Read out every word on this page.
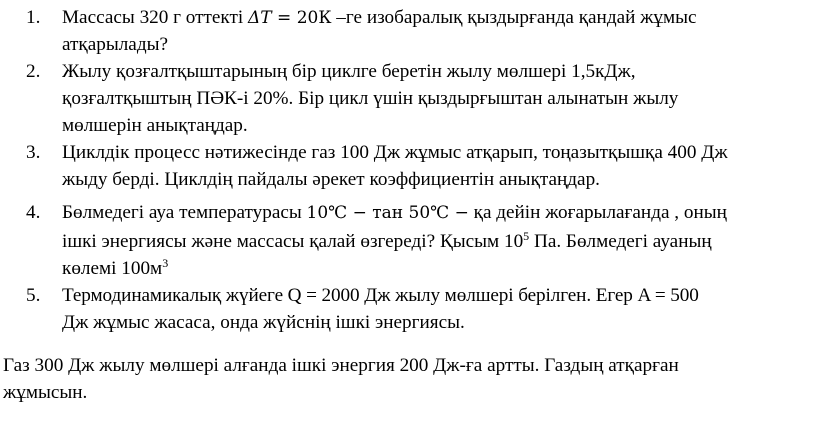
1. Массасы 320 г оттекті ΔT = 20К –ге изобаралық қыздырғанда қандай жұмыс
атқарылады?
2. Жылу қозғалтқыштарының бір циклге беретін жылу мөлшері 1,5кДж,
қозғалтқыштың ПӘК-і 20%. Бір цикл үшін қыздырғыштан алынатын жылу
мөлшерін анықтаңдар.
3. Циклдік процесс нәтижесінде газ 100 Дж жұмыс атқарып, тоңазытқышқа 400 Дж
жыду берді. Циклдің пайдалы әрекет коэффициентін анықтаңдар.
4. Бөлмедегі ауа температурасы 10℃ − тан 50℃ − қа дейін жоғарылағанда , оның
ішкі энергиясы және массасы қалай өзгереді? Қысым $10^5$ Па. Бөлмедегі ауаның
көлемі $100м^3$
5. Термодинамикалық жүйеге Q = 2000 Дж жылу мөлшері берілген. Егер A = 500
Дж жұмыс жасаса, онда жүйснің ішкі энергиясы.
Газ 300 Дж жылу мөлшері алғанда ішкі энергия 200 Дж-ға артты. Газдың атқарған
жұмысын.
